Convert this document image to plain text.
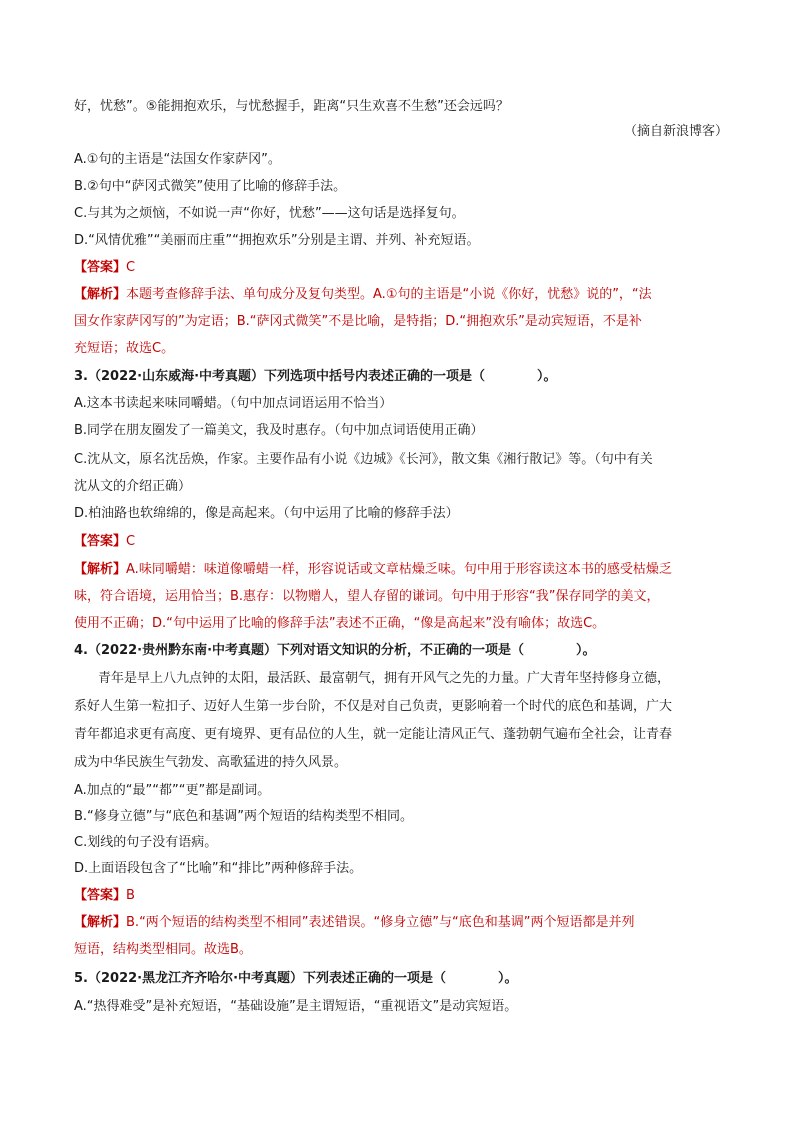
好，忧愁”。⑤能拥抱欢乐，与忧愁握手，距离“只生欢喜不生愁”还会远吗？
（摘自新浪博客）
A.①句的主语是“法国女作家萨冈”。
B.②句中“萨冈式微笑”使用了比喻的修辞手法。
C.与其为之烦恼，不如说一声“你好，忧愁”——这句话是选择复句。
D.“风情优雅”“美丽而庄重”“拥抱欢乐”分别是主谓、并列、补充短语。
【答案】C
【解析】本题考查修辞手法、单句成分及复句类型。A.①句的主语是“小说《你好，忧愁》说的”，“法
国女作家萨冈写的”为定语；B.“萨冈式微笑”不是比喻，是特指；D.“拥抱欢乐”是动宾短语，不是补
充短语；故选C。
3.（2022·山东威海·中考真题）下列选项中括号内表述正确的一项是（　　　　）。
A.这本书读起来味同嚼蜡。（句中加点词语运用不恰当）
B.同学在朋友圈发了一篇美文，我及时惠存。（句中加点词语使用正确）
C.沈从文，原名沈岳焕，作家。主要作品有小说《边城》《长河》，散文集《湘行散记》等。（句中有关
沈从文的介绍正确）
D.柏油路也软绵绵的，像是高起来。（句中运用了比喻的修辞手法）
【答案】C
【解析】A.味同嚼蜡：味道像嚼蜡一样，形容说话或文章枯燥乏味。句中用于形容读这本书的感受枯燥乏
味，符合语境，运用恰当；B.惠存：以物赠人，望人存留的谦词。句中用于形容“我”保存同学的美文，
使用不正确；D.“句中运用了比喻的修辞手法”表述不正确，“像是高起来”没有喻体；故选C。
4.（2022·贵州黔东南·中考真题）下列对语文知识的分析，不正确的一项是（　　　　）。
青年是早上八九点钟的太阳，最活跃、最富朝气，拥有开风气之先的力量。广大青年坚持修身立德，
系好人生第一粒扣子、迈好人生第一步台阶，不仅是对自己负责，更影响着一个时代的底色和基调，广大
青年都追求更有高度、更有境界、更有品位的人生，就一定能让清风正气、蓬勃朝气遍布全社会，让青春
成为中华民族生气勃发、高歌猛进的持久风景。
A.加点的“最”“都”“更”都是副词。
B.“修身立德”与“底色和基调”两个短语的结构类型不相同。
C.划线的句子没有语病。
D.上面语段包含了“比喻”和“排比”两种修辞手法。
【答案】B
【解析】B.“两个短语的结构类型不相同”表述错误。“修身立德”与“底色和基调”两个短语都是并列
短语，结构类型相同。故选B。
5.（2022·黑龙江齐齐哈尔·中考真题）下列表述正确的一项是（　　　　）。
A.“热得难受”是补充短语，“基础设施”是主谓短语，“重视语文”是动宾短语。
